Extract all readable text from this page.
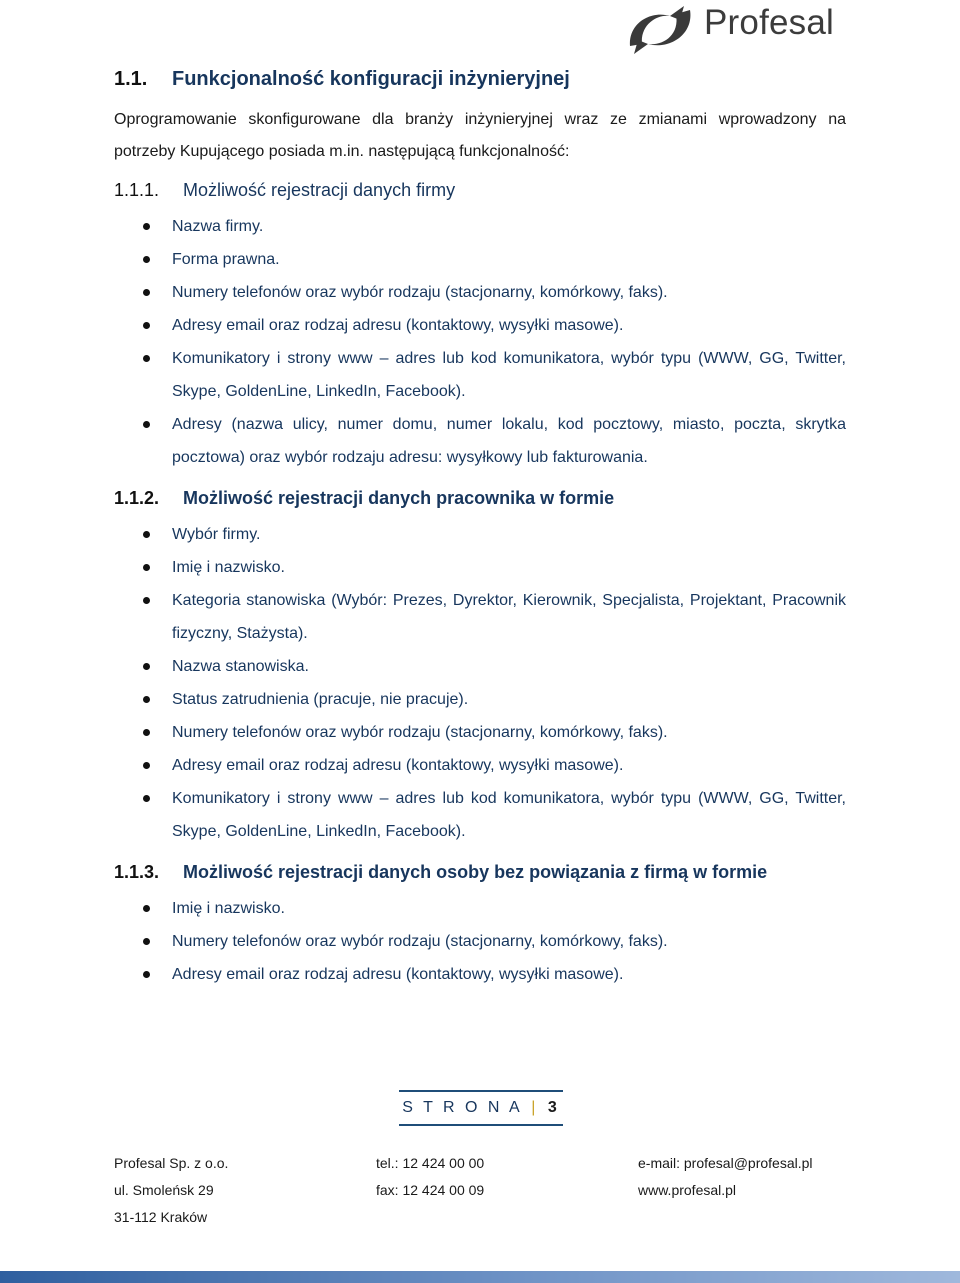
Profesal
1.1.	Funkcjonalność konfiguracji inżynieryjnej

Oprogramowanie skonfigurowane dla branży inżynieryjnej wraz ze zmianami wprowadzony na potrzeby Kupującego posiada m.in. następującą funkcjonalność:

1.1.1.	Możliwość rejestracji danych firmy
Nazwa firmy.
Forma prawna.
Numery telefonów oraz wybór rodzaju (stacjonarny, komórkowy, faks).
Adresy email oraz rodzaj adresu (kontaktowy, wysyłki masowe).
Komunikatory i strony www – adres lub kod komunikatora, wybór typu (WWW, GG, Twitter, Skype, GoldenLine, LinkedIn, Facebook).
Adresy (nazwa ulicy, numer domu, numer lokalu, kod pocztowy, miasto, poczta, skrytka pocztowa) oraz wybór rodzaju adresu: wysyłkowy lub fakturowania.
1.1.2.	Możliwość rejestracji danych pracownika w formie
Wybór firmy.
Imię i nazwisko.
Kategoria stanowiska (Wybór: Prezes, Dyrektor, Kierownik, Specjalista, Projektant, Pracownik fizyczny, Stażysta).
Nazwa stanowiska.
Status zatrudnienia (pracuje, nie pracuje).
Numery telefonów oraz wybór rodzaju (stacjonarny, komórkowy, faks).
Adresy email oraz rodzaj adresu (kontaktowy, wysyłki masowe).
Komunikatory i strony www – adres lub kod komunikatora, wybór typu (WWW, GG, Twitter, Skype, GoldenLine, LinkedIn, Facebook).
1.1.3.	Możliwość rejestracji danych osoby bez powiązania z firmą w formie
Imię i nazwisko.
Numery telefonów oraz wybór rodzaju (stacjonarny, komórkowy, faks).
Adresy email oraz rodzaj adresu (kontaktowy, wysyłki masowe).
S T R O N A | 3
Profesal Sp. z o.o.	tel.: 12 424 00 00	e-mail: profesal@profesal.pl
ul. Smoleńsk 29	fax: 12 424 00 09	www.profesal.pl
31-112 Kraków
